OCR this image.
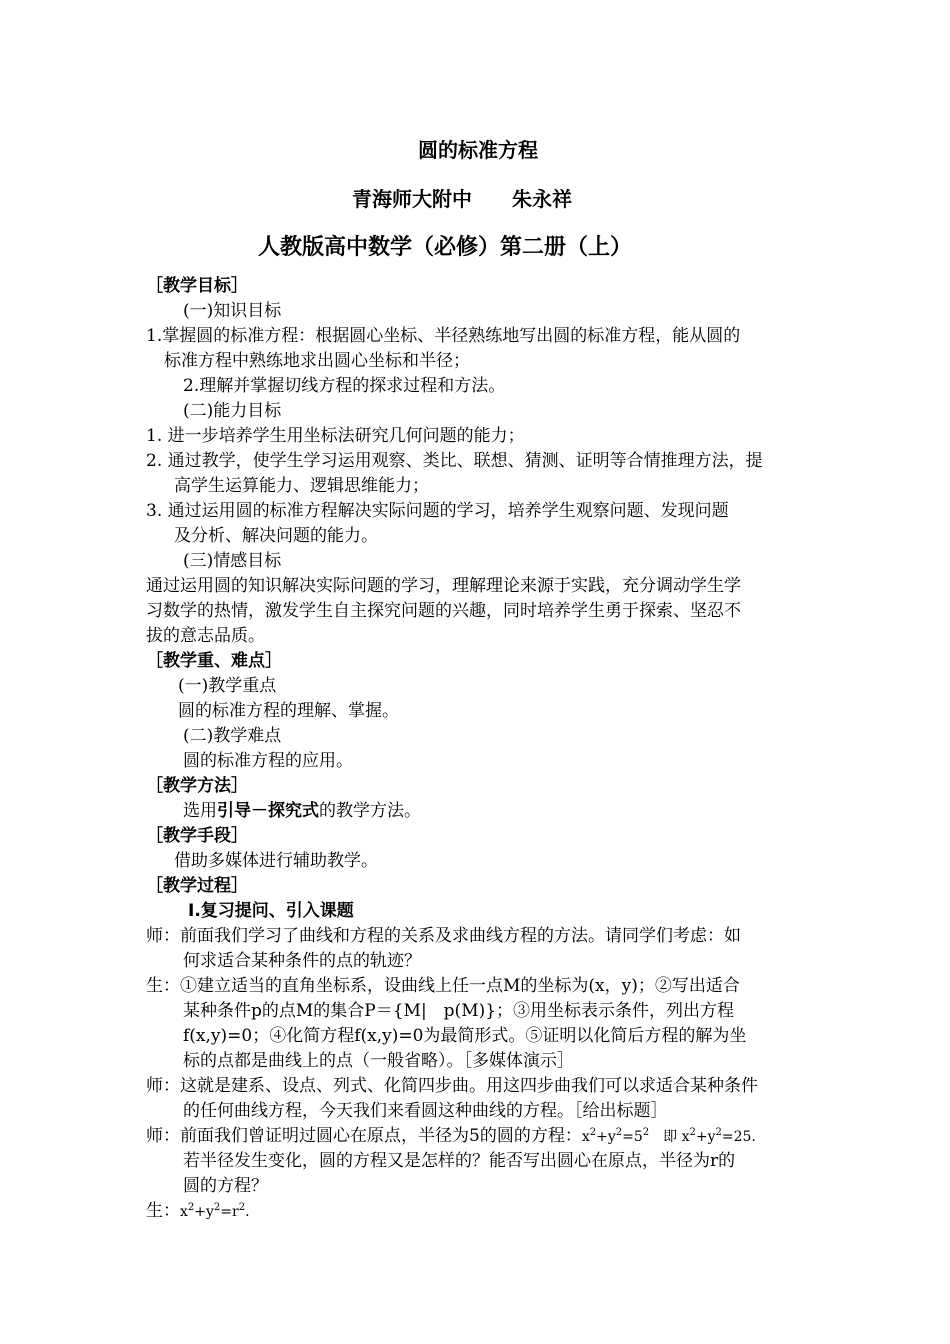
圆的标准方程
青海师大附中　　朱永祥
人教版高中数学（必修）第二册（上）
［教学目标］
(一)知识目标
1.掌握圆的标准方程：根据圆心坐标、半径熟练地写出圆的标准方程，能从圆的
标准方程中熟练地求出圆心坐标和半径；
2.理解并掌握切线方程的探求过程和方法。
(二)能力目标
1. 进一步培养学生用坐标法研究几何问题的能力；
2. 通过教学，使学生学习运用观察、类比、联想、猜测、证明等合情推理方法，提
高学生运算能力、逻辑思维能力；
3. 通过运用圆的标准方程解决实际问题的学习，培养学生观察问题、发现问题
及分析、解决问题的能力。
(三)情感目标
通过运用圆的知识解决实际问题的学习，理解理论来源于实践，充分调动学生学
习数学的热情，激发学生自主探究问题的兴趣，同时培养学生勇于探索、坚忍不
拔的意志品质。
［教学重、难点］
(一)教学重点
圆的标准方程的理解、掌握。
(二)教学难点
圆的标准方程的应用。
［教学方法］
选用引导－探究式的教学方法。
［教学手段］
借助多媒体进行辅助教学。
［教学过程］
Ⅰ.复习提问、引入课题
师：前面我们学习了曲线和方程的关系及求曲线方程的方法。请同学们考虑：如
何求适合某种条件的点的轨迹？
生：①建立适当的直角坐标系，设曲线上任一点M的坐标为(x，y)；②写出适合
某种条件p的点M的集合P＝{M|　p(M)}；③用坐标表示条件，列出方程
f(x,y)=0；④化简方程f(x,y)=0为最简形式。⑤证明以化简后方程的解为坐
标的点都是曲线上的点（一般省略）。［多媒体演示］
师：这就是建系、设点、列式、化简四步曲。用这四步曲我们可以求适合某种条件
的任何曲线方程，今天我们来看圆这种曲线的方程。［给出标题］
师：前面我们曾证明过圆心在原点，半径为5的圆的方程：$x^2+y^2=5^2$　即 $x^2+y^2=25$.
若半径发生变化，圆的方程又是怎样的？能否写出圆心在原点，半径为r的
圆的方程？
生：$x^2+y^2=r^2$.
